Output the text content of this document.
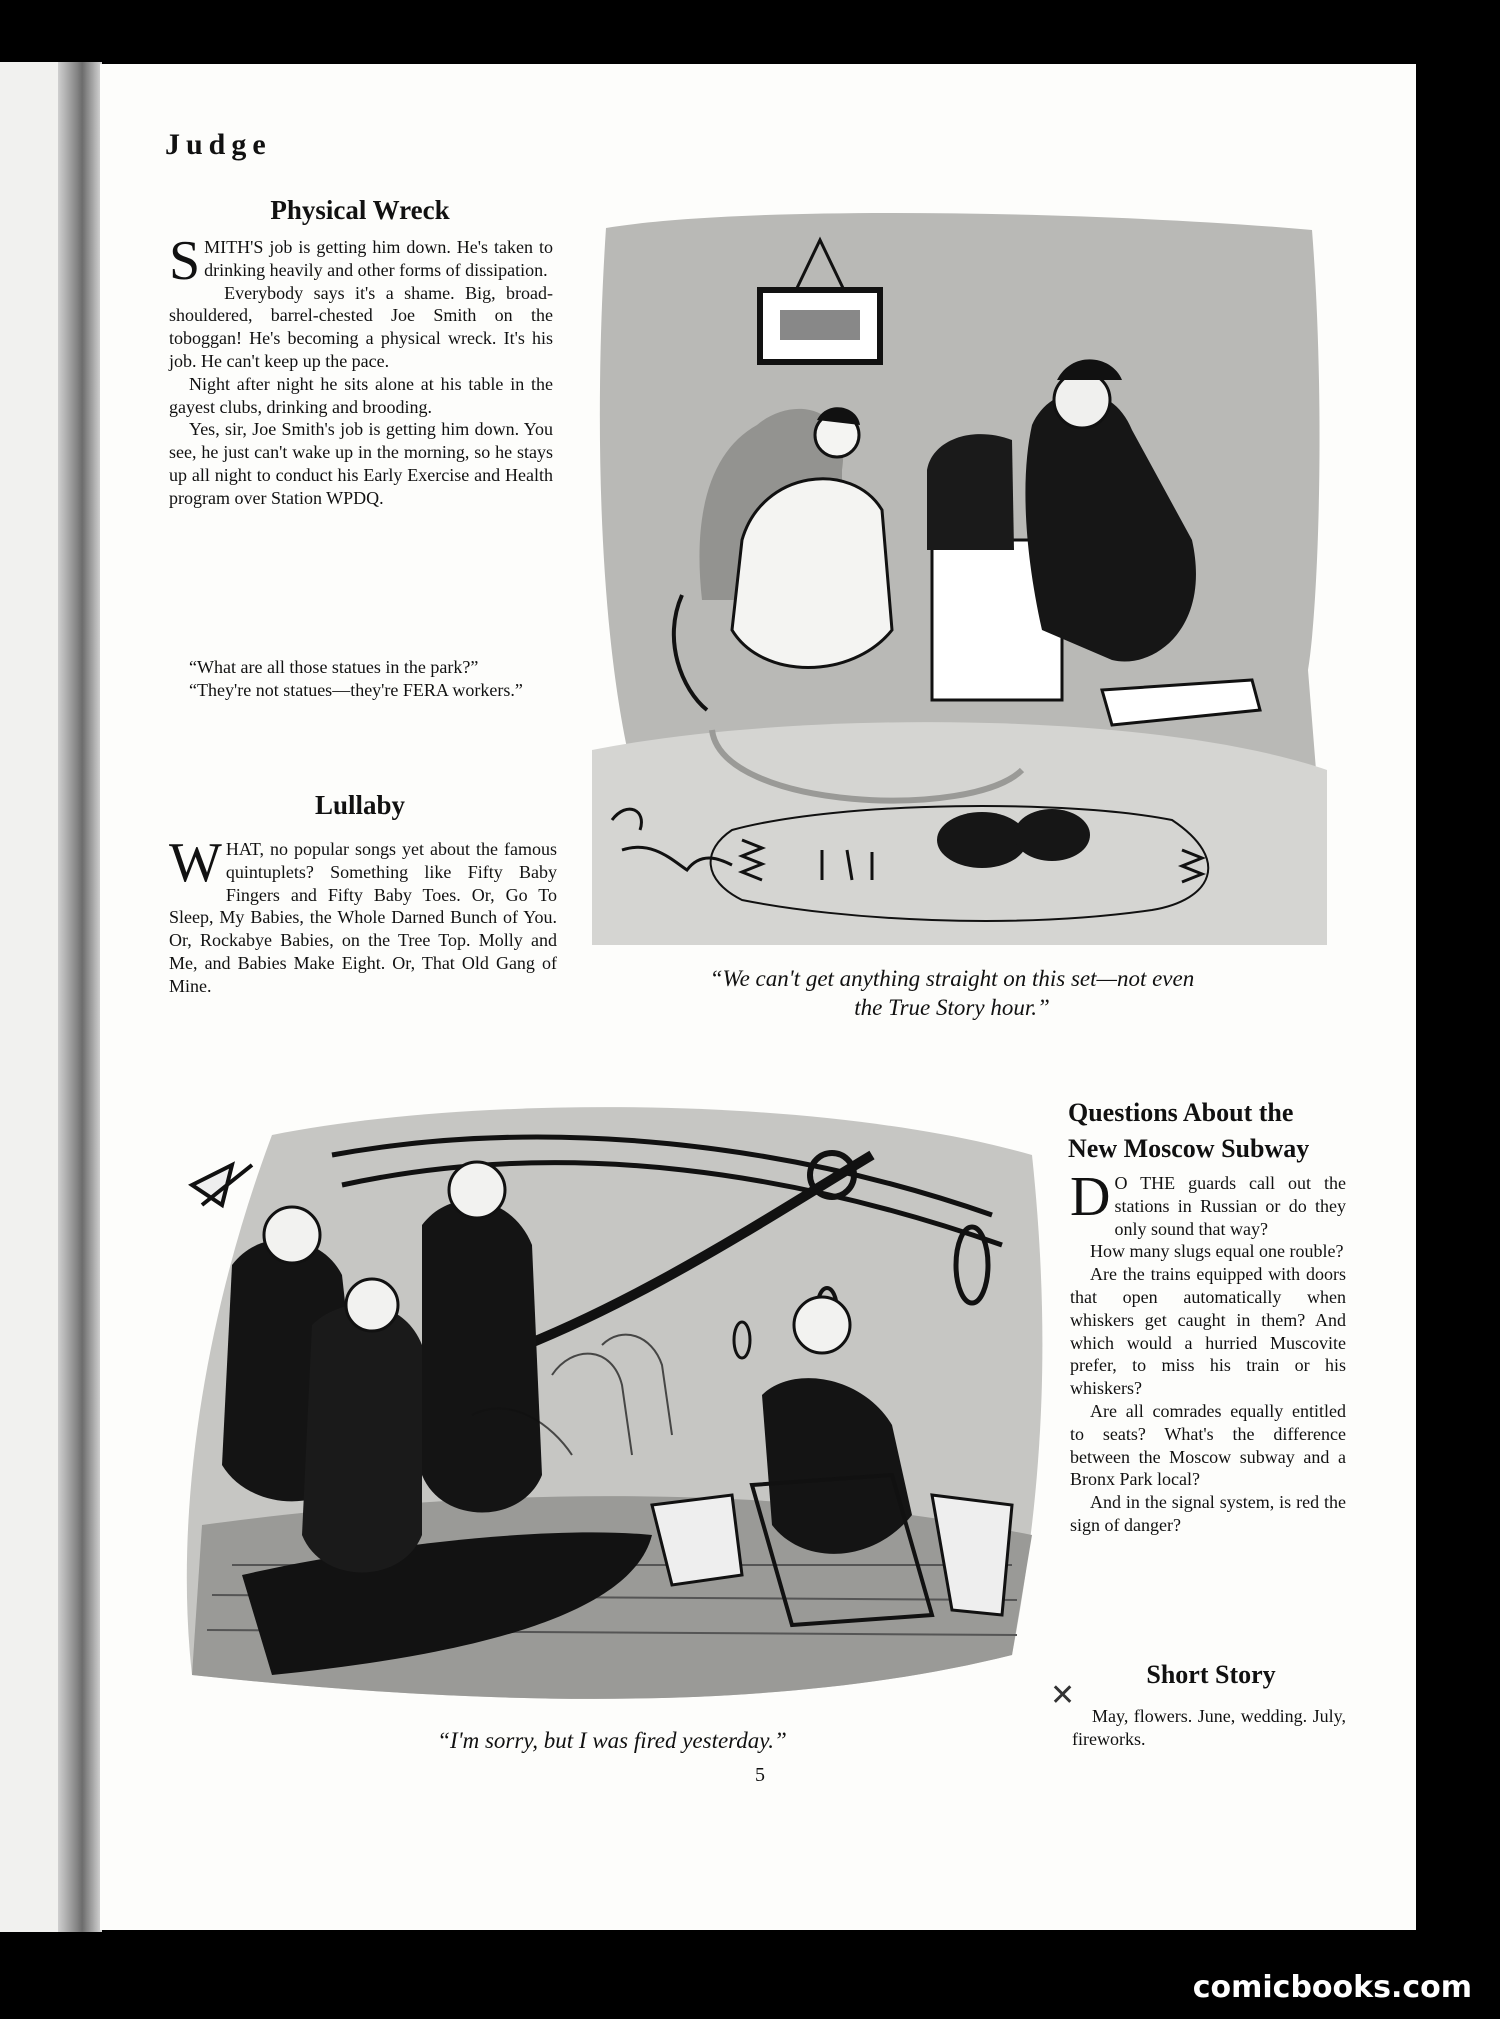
Judge
Physical Wreck

SMITH'S job is getting him down. He's taken to drinking heavily and other forms of dissipation.

Everybody says it's a shame. Big, broad-shouldered, barrel-chested Joe Smith on the toboggan! He's becoming a physical wreck. It's his job. He can't keep up the pace.

Night after night he sits alone at his table in the gayest clubs, drinking and brooding.

Yes, sir, Joe Smith's job is getting him down. You see, he just can't wake up in the morning, so he stays up all night to conduct his Early Exercise and Health program over Station WPDQ.

“What are all those statues in the park?”

“They're not statues—they're FERA workers.”

Lullaby

WHAT, no popular songs yet about the famous quintuplets? Something like Fifty Baby Fingers and Fifty Baby Toes. Or, Go To Sleep, My Babies, the Whole Darned Bunch of You. Or, Rockabye Babies, on the Tree Top. Molly and Me, and Babies Make Eight. Or, That Old Gang of Mine.	“We can't get anything straight on this set—not even

the True Story hour.”

“I'm sorry, but I was fired yesterday.”

Questions About the
New Moscow Subway

D O THE guards call out the stations in Russian or do they only sound that way?

How many slugs equal one rouble?

Are the trains equipped with doors that open automatically when whiskers get caught in them? And which would a hurried Muscovite prefer, to miss his train or his whiskers?

Are all comrades equally entitled to seats? What's the difference between the Moscow subway and a Bronx Park local?

And in the signal system, is red the sign of danger?

Short Story
✕

May, flowers. June, wedding. July, fireworks.

5

comicbooks.com
